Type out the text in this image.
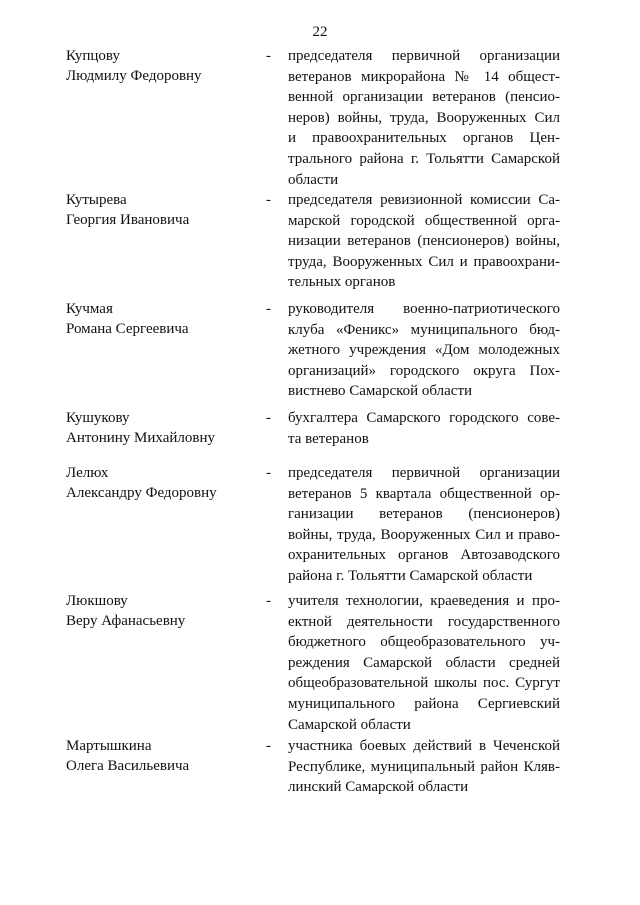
22
Купцову
Людмилу Федоровну
- председателя первичной организации
ветеранов микрорайона № 14 общест-
венной организации ветеранов (пенсио-
неров) войны, труда, Вооруженных Сил
и правоохранительных органов Цен-
трального района г. Тольятти Самарской
области
Кутырева
Георгия Ивановича
- председателя ревизионной комиссии Са-
марской городской общественной орга-
низации ветеранов (пенсионеров) войны,
труда, Вооруженных Сил и правоохрани-
тельных органов
Кучмая
Романа Сергеевича
- руководителя военно-патриотического
клуба «Феникс» муниципального бюд-
жетного учреждения «Дом молодежных
организаций» городского округа Пох-
вистнево Самарской области
Кушукову
Антонину Михайловну
- бухгалтера Самарского городского сове-
та ветеранов
Лелюх
Александру Федоровну
- председателя первичной организации
ветеранов 5 квартала общественной ор-
ганизации ветеранов (пенсионеров)
войны, труда, Вооруженных Сил и право-
охранительных органов Автозаводского
района г. Тольятти Самарской области
Люкшову
Веру Афанасьевну
- учителя технологии, краеведения и про-
ектной деятельности государственного
бюджетного общеобразовательного уч-
реждения Самарской области средней
общеобразовательной школы пос. Сургут
муниципального района Сергиевский
Самарской области
Мартышкина
Олега Васильевича
- участника боевых действий в Чеченской
Республике, муниципальный район Кляв-
линский Самарской области
